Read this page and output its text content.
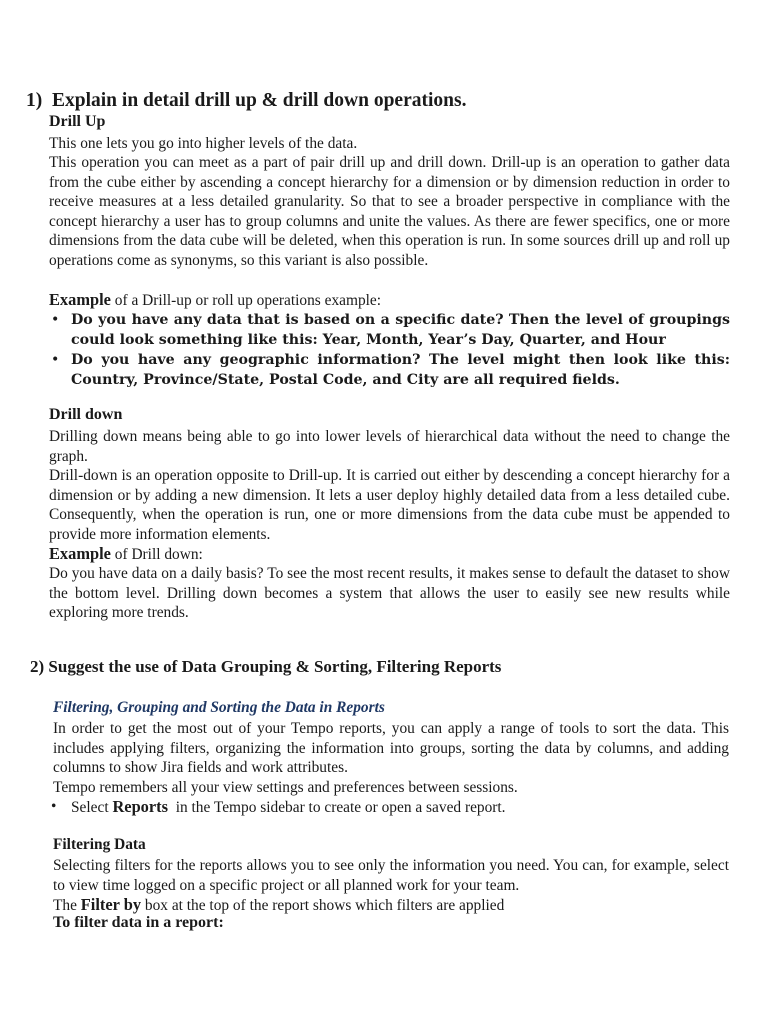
1) Explain in detail drill up & drill down operations.
Drill Up
This one lets you go into higher levels of the data.
This operation you can meet as a part of pair drill up and drill down. Drill-up is an operation to gather data from the cube either by ascending a concept hierarchy for a dimension or by dimension reduction in order to receive measures at a less detailed granularity. So that to see a broader perspective in compliance with the concept hierarchy a user has to group columns and unite the values. As there are fewer specifics, one or more dimensions from the data cube will be deleted, when this operation is run. In some sources drill up and roll up operations come as synonyms, so this variant is also possible.
Example of a Drill-up or roll up operations example:
• Do you have any data that is based on a specific date? Then the level of groupings could look something like this: Year, Month, Year’s Day, Quarter, and Hour
• Do you have any geographic information? The level might then look like this: Country, Province/State, Postal Code, and City are all required fields.
Drill down
Drilling down means being able to go into lower levels of hierarchical data without the need to change the graph.
Drill-down is an operation opposite to Drill-up. It is carried out either by descending a concept hierarchy for a dimension or by adding a new dimension. It lets a user deploy highly detailed data from a less detailed cube. Consequently, when the operation is run, one or more dimensions from the data cube must be appended to provide more information elements.
Example of Drill down:
Do you have data on a daily basis? To see the most recent results, it makes sense to default the dataset to show the bottom level. Drilling down becomes a system that allows the user to easily see new results while exploring more trends.
2) Suggest the use of Data Grouping & Sorting, Filtering Reports
Filtering, Grouping and Sorting the Data in Reports
In order to get the most out of your Tempo reports, you can apply a range of tools to sort the data. This includes applying filters, organizing the information into groups, sorting the data by columns, and adding columns to show Jira fields and work attributes.
Tempo remembers all your view settings and preferences between sessions.
• Select Reports  in the Tempo sidebar to create or open a saved report.
Filtering Data
Selecting filters for the reports allows you to see only the information you need. You can, for example, select to view time logged on a specific project or all planned work for your team.
The Filter by box at the top of the report shows which filters are applied
To filter data in a report:
